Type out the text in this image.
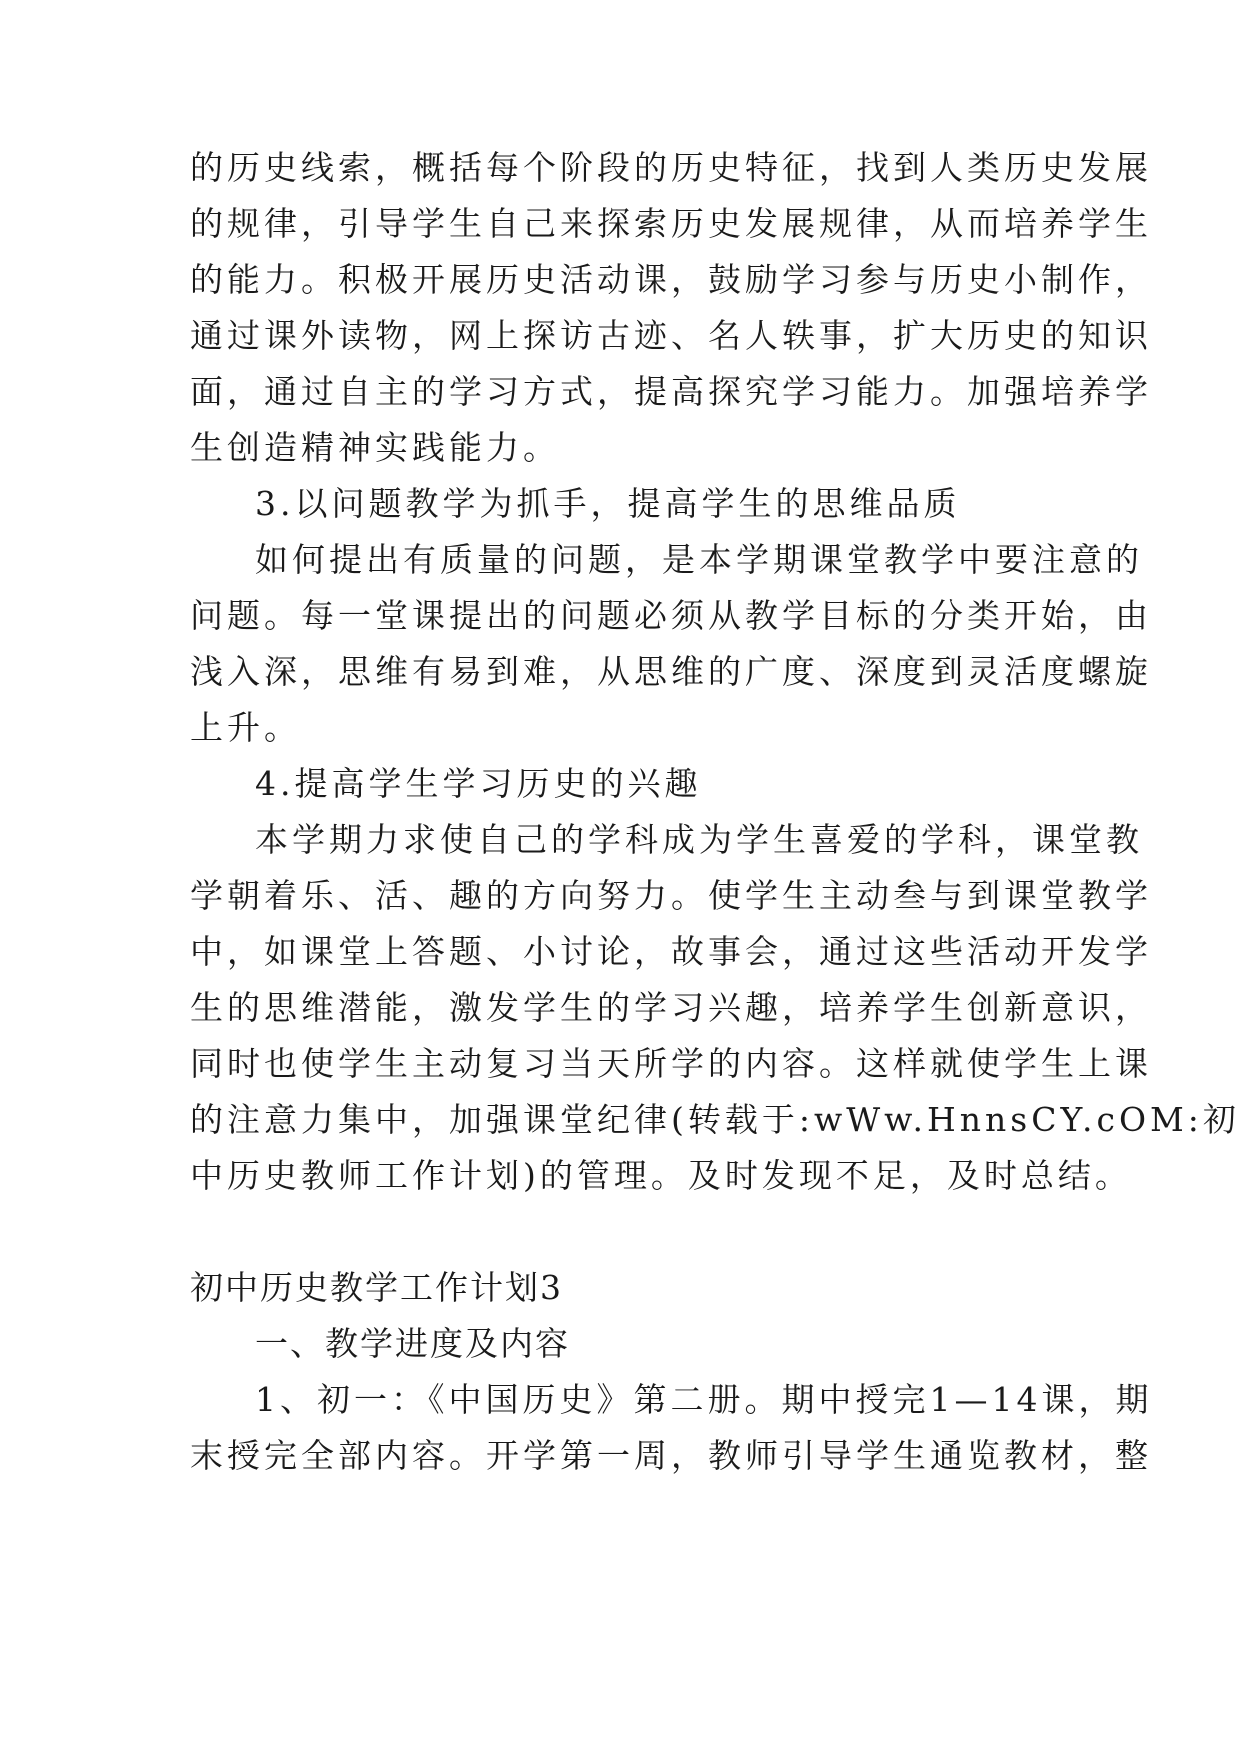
的历史线索，概括每个阶段的历史特征，找到人类历史发展
的规律，引导学生自己来探索历史发展规律，从而培养学生
的能力。积极开展历史活动课，鼓励学习参与历史小制作，
通过课外读物，网上探访古迹、名人轶事，扩大历史的知识
面，通过自主的学习方式，提高探究学习能力。加强培养学
生创造精神实践能力。
3.以问题教学为抓手，提高学生的思维品质
如何提出有质量的问题，是本学期课堂教学中要注意的
问题。每一堂课提出的问题必须从教学目标的分类开始，由
浅入深，思维有易到难，从思维的广度、深度到灵活度螺旋
上升。
4.提高学生学习历史的兴趣
本学期力求使自己的学科成为学生喜爱的学科，课堂教
学朝着乐、活、趣的方向努力。使学生主动叁与到课堂教学
中，如课堂上答题、小讨论，故事会，通过这些活动开发学
生的思维潜能，激发学生的学习兴趣，培养学生创新意识，
同时也使学生主动复习当天所学的内容。这样就使学生上课
的注意力集中，加强课堂纪律(转载于:wWw.HnnsCY.cOM:初
中历史教师工作计划)的管理。及时发现不足，及时总结。
初中历史教学工作计划3
一、教学进度及内容
1、初一：《中国历史》第二册。期中授完1—14课，期
末授完全部内容。开学第一周，教师引导学生通览教材，整
